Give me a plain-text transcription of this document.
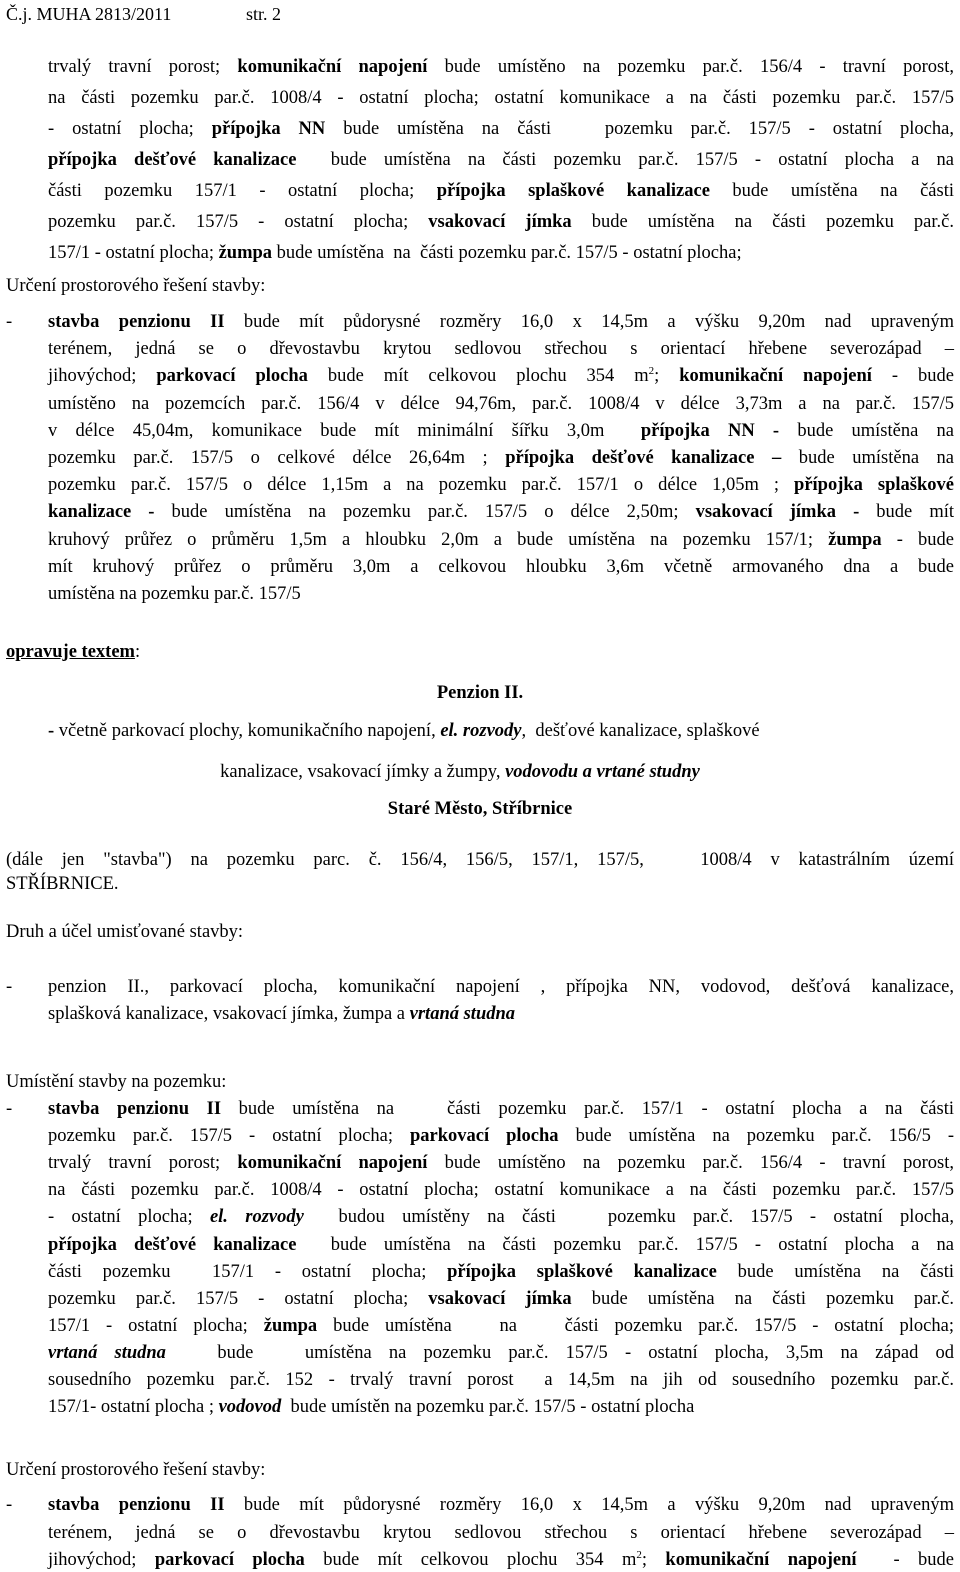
Č.j. MUHA 2813/2011	str. 2
trvalý travní porost; komunikační napojení bude umístěno na pozemku par.č. 156/4 - travní porost,
na části pozemku par.č. 1008/4 - ostatní plocha; ostatní komunikace a na části pozemku par.č. 157/5
- ostatní plocha; přípojka NN bude umístěna na části   pozemku par.č. 157/5 - ostatní plocha,
přípojka dešťové kanalizace  bude umístěna na části pozemku par.č. 157/5 - ostatní plocha a na
části pozemku 157/1 - ostatní plocha; přípojka splaškové kanalizace bude umístěna na části
pozemku par.č. 157/5 - ostatní plocha; vsakovací jímka bude umístěna na části pozemku par.č.
157/1 - ostatní plocha; žumpa bude umístěna  na  části pozemku par.č. 157/5 - ostatní plocha;
Určení prostorového řešení stavby:
- stavba penzionu II bude mít půdorysné rozměry 16,0 x 14,5m a výšku 9,20m nad upraveným
terénem, jedná se o dřevostavbu krytou sedlovou střechou s orientací hřebene severozápad –
jihovýchod; parkovací plocha bude mít celkovou plochu 354 $m^2$; komunikační napojení - bude
umístěno na pozemcích par.č. 156/4 v délce 94,76m, par.č. 1008/4 v délce 3,73m a na par.č. 157/5
v délce 45,04m, komunikace bude mít minimální šířku 3,0m  přípojka NN - bude umístěna na
pozemku par.č. 157/5 o celkové délce 26,64m ; přípojka dešťové kanalizace – bude umístěna na
pozemku par.č. 157/5 o délce 1,15m a na pozemku par.č. 157/1 o délce 1,05m ; přípojka splaškové
kanalizace - bude umístěna na pozemku par.č. 157/5 o délce 2,50m; vsakovací jímka - bude mít
kruhový průřez o průměru 1,5m a hloubku 2,0m a bude umístěna na pozemku 157/1; žumpa - bude
mít kruhový průřez o průměru 3,0m a celkovou hloubku 3,6m včetně armovaného dna a bude
umístěna na pozemku par.č. 157/5
opravuje textem:
Penzion II.
- včetně parkovací plochy, komunikačního napojení, el. rozvody,  dešťové kanalizace, splaškové
kanalizace, vsakovací jímky a žumpy, vodovodu a vrtané studny
Staré Město, Stříbrnice
(dále jen "stavba") na pozemku parc. č. 156/4, 156/5, 157/1, 157/5,   1008/4 v katastrálním území
STŘÍBRNICE.
Druh a účel umisťované stavby:
- penzion II., parkovací plocha, komunikační napojení , přípojka NN, vodovod, dešťová kanalizace,
splašková kanalizace, vsakovací jímka, žumpa a vrtaná studna
Umístění stavby na pozemku:
- stavba penzionu II bude umístěna na   části pozemku par.č. 157/1 - ostatní plocha a na části
pozemku par.č. 157/5 - ostatní plocha; parkovací plocha bude umístěna na pozemku par.č. 156/5 -
trvalý travní porost; komunikační napojení bude umístěno na pozemku par.č. 156/4 - travní porost,
na části pozemku par.č. 1008/4 - ostatní plocha; ostatní komunikace a na části pozemku par.č. 157/5
- ostatní plocha; el. rozvody  budou umístěny na části   pozemku par.č. 157/5 - ostatní plocha,
přípojka dešťové kanalizace  bude umístěna na části pozemku par.č. 157/5 - ostatní plocha a na
části pozemku  157/1 - ostatní plocha; přípojka splaškové kanalizace bude umístěna na části
pozemku par.č. 157/5 - ostatní plocha; vsakovací jímka bude umístěna na části pozemku par.č.
157/1 - ostatní plocha; žumpa bude umístěna   na   části pozemku par.č. 157/5 - ostatní plocha;
vrtaná studna   bude   umístěna na pozemku par.č. 157/5 - ostatní plocha, 3,5m na západ od
sousedního pozemku par.č. 152 - trvalý travní porost  a 14,5m na jih od sousedního pozemku par.č.
157/1- ostatní plocha ; vodovod  bude umístěn na pozemku par.č. 157/5 - ostatní plocha
Určení prostorového řešení stavby:
- stavba penzionu II bude mít půdorysné rozměry 16,0 x 14,5m a výšku 9,20m nad upraveným
terénem, jedná se o dřevostavbu krytou sedlovou střechou s orientací hřebene severozápad –
jihovýchod; parkovací plocha bude mít celkovou plochu 354 $m^2$; komunikační napojení  - bude
